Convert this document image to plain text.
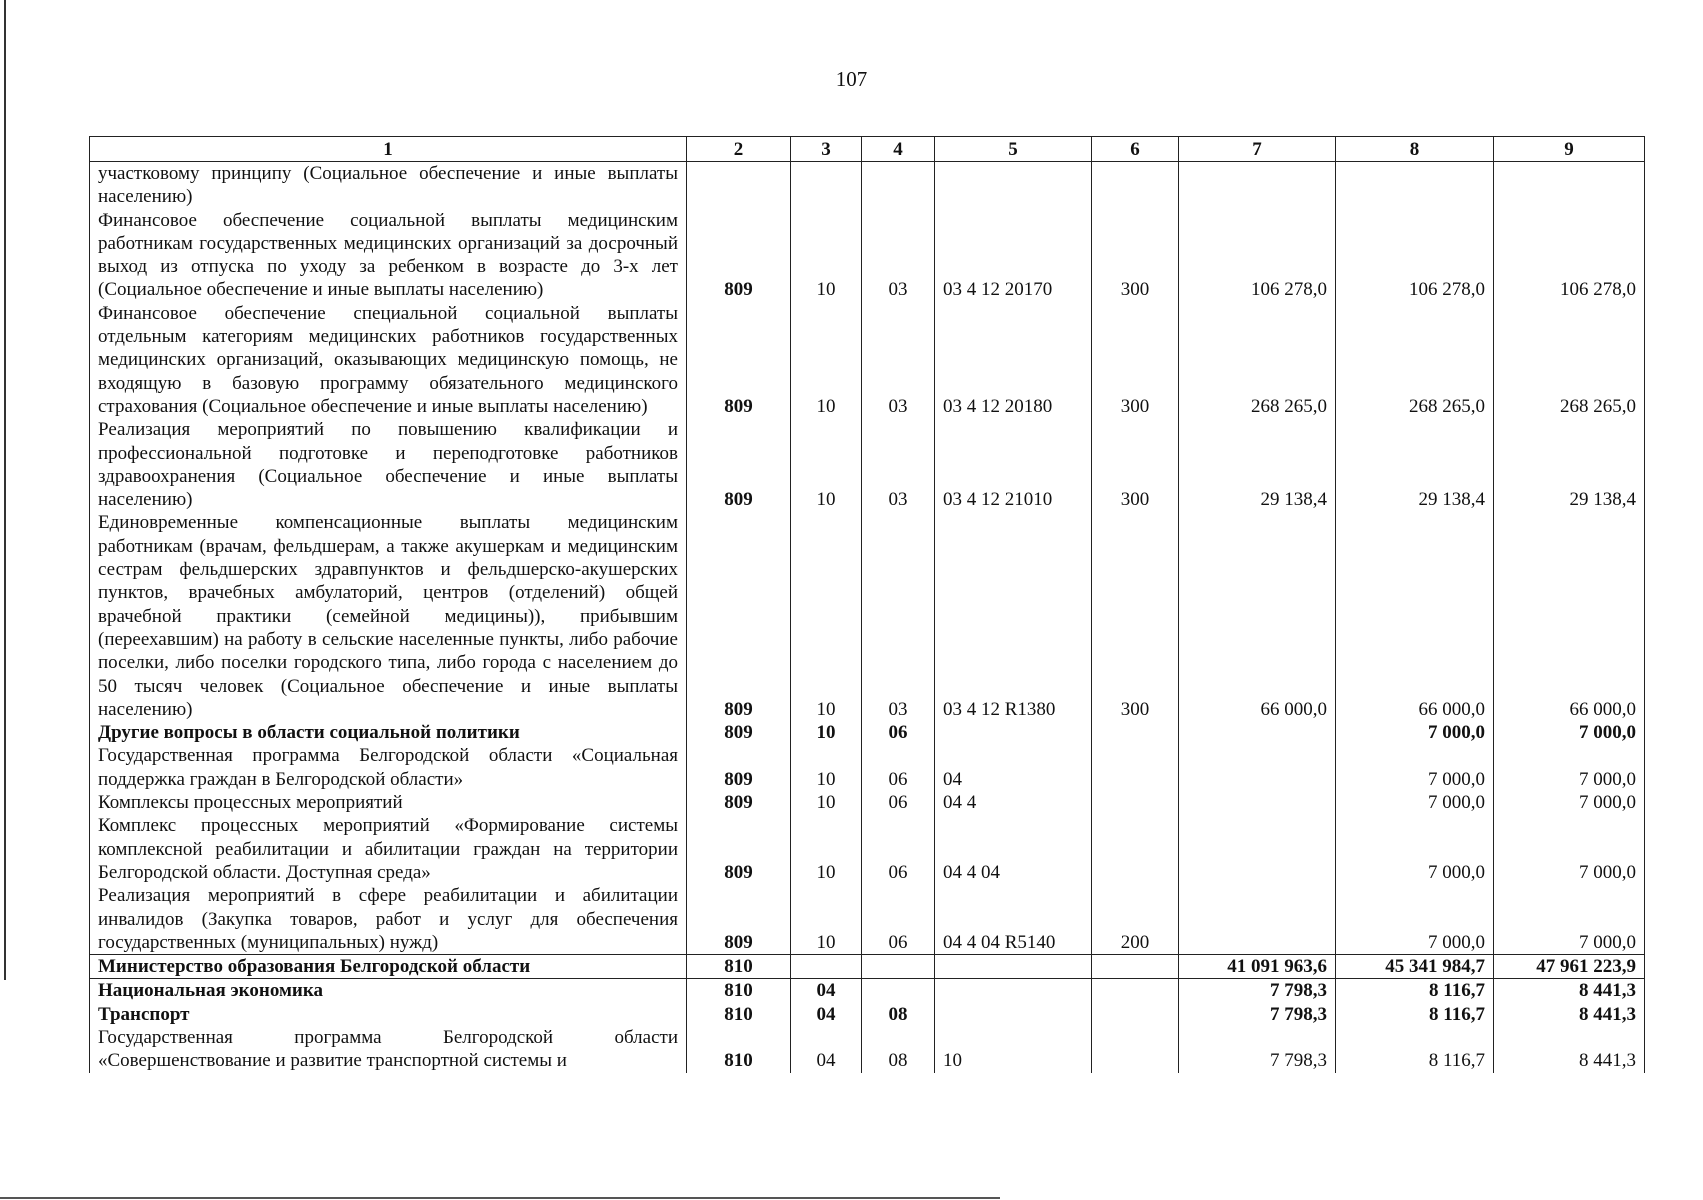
107
1	2	3	4	5	6	7	8	9
участковому принципу (Социальное обеспечение и иные выплаты населению)								
Финансовое обеспечение социальной выплаты медицинским работникам государственных медицинских организаций за досрочный выход из отпуска по уходу за ребенком в возрасте до 3-х лет (Социальное обеспечение и иные выплаты населению)	809	10	03	03 4 12 20170	300	106 278,0	106 278,0	106 278,0
Финансовое обеспечение специальной социальной выплаты отдельным категориям медицинских работников государственных медицинских организаций, оказывающих медицинскую помощь, не входящую в базовую программу обязательного медицинского страхования (Социальное обеспечение и иные выплаты населению)	809	10	03	03 4 12 20180	300	268 265,0	268 265,0	268 265,0
Реализация мероприятий по повышению квалификации и профессиональной подготовке и переподготовке работников здравоохранения (Социальное обеспечение и иные выплаты населению)	809	10	03	03 4 12 21010	300	29 138,4	29 138,4	29 138,4
Единовременные компенсационные выплаты медицинским работникам (врачам, фельдшерам, а также акушеркам и медицинским сестрам фельдшерских здравпунктов и фельдшерско-акушерских пунктов, врачебных амбулаторий, центров (отделений) общей врачебной практики (семейной медицины)), прибывшим (переехавшим) на работу в сельские населенные пункты, либо рабочие поселки, либо поселки городского типа, либо города с населением до 50 тысяч человек (Социальное обеспечение и иные выплаты населению)	809	10	03	03 4 12 R1380	300	66 000,0	66 000,0	66 000,0
Другие вопросы в области социальной политики	809	10	06				7 000,0	7 000,0
Государственная программа Белгородской области «Социальная поддержка граждан в Белгородской области»	809	10	06	04			7 000,0	7 000,0
Комплексы процессных мероприятий	809	10	06	04 4			7 000,0	7 000,0
Комплекс процессных мероприятий «Формирование системы комплексной реабилитации и абилитации граждан на территории Белгородской области. Доступная среда»	809	10	06	04 4 04			7 000,0	7 000,0
Реализация мероприятий в сфере реабилитации и абилитации инвалидов (Закупка товаров, работ и услуг для обеспечения государственных (муниципальных) нужд)	809	10	06	04 4 04 R5140	200		7 000,0	7 000,0
Министерство образования Белгородской области	810					41 091 963,6	45 341 984,7	47 961 223,9
Национальная экономика	810	04				7 798,3	8 116,7	8 441,3
Транспорт	810	04	08			7 798,3	8 116,7	8 441,3
Государственная программа Белгородской области «Совершенствование и развитие транспортной системы и	810	04	08	10		7 798,3	8 116,7	8 441,3
